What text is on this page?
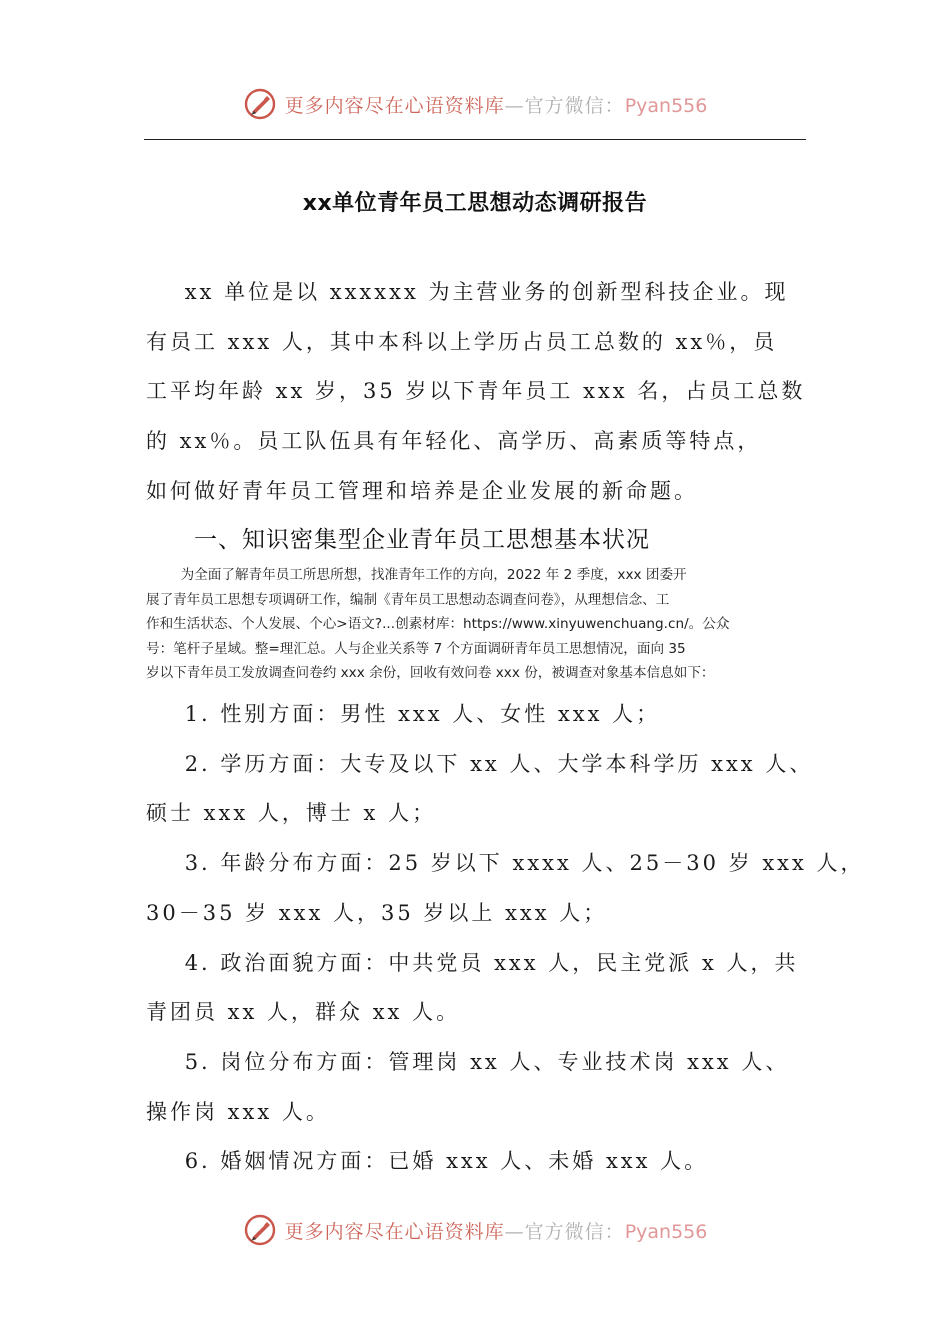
更多内容尽在心语资料库—官方微信：Pyan556
xx单位青年员工思想动态调研报告
xx 单位是以 xxxxxx 为主营业务的创新型科技企业。现
有员工 xxx 人，其中本科以上学历占员工总数的 xx％，员
工平均年龄 xx 岁，35 岁以下青年员工 xxx 名，占员工总数
的 xx％。员工队伍具有年轻化、高学历、高素质等特点，
如何做好青年员工管理和培养是企业发展的新命题。
一、知识密集型企业青年员工思想基本状况
为全面了解青年员工所思所想，找准青年工作的方向，2022 年 2 季度，xxx 团委开
展了青年员工思想专项调研工作，编制《青年员工思想动态调查问卷》，从理想信念、工
作和生活状态、个人发展、个心>语文?...创素材库：https://www.xinyuwenchuang.cn/。公众
号：笔杆子星域。整=理汇总。人与企业关系等 7 个方面调研青年员工思想情况，面向 35
岁以下青年员工发放调查问卷约 xxx 余份，回收有效问卷 xxx 份，被调查对象基本信息如下：
1. 性别方面：男性 xxx 人、女性 xxx 人；
2. 学历方面：大专及以下 xx 人、大学本科学历 xxx 人、
硕士 xxx 人，博士 x 人；
3. 年龄分布方面：25 岁以下 xxxx 人、25－30 岁 xxx 人，
30－35 岁 xxx 人，35 岁以上 xxx 人；
4. 政治面貌方面：中共党员 xxx 人，民主党派 x 人，共
青团员 xx 人，群众 xx 人。
5. 岗位分布方面：管理岗 xx 人、专业技术岗 xxx 人、
操作岗 xxx 人。
6. 婚姻情况方面：已婚 xxx 人、未婚 xxx 人。
更多内容尽在心语资料库—官方微信：Pyan556
